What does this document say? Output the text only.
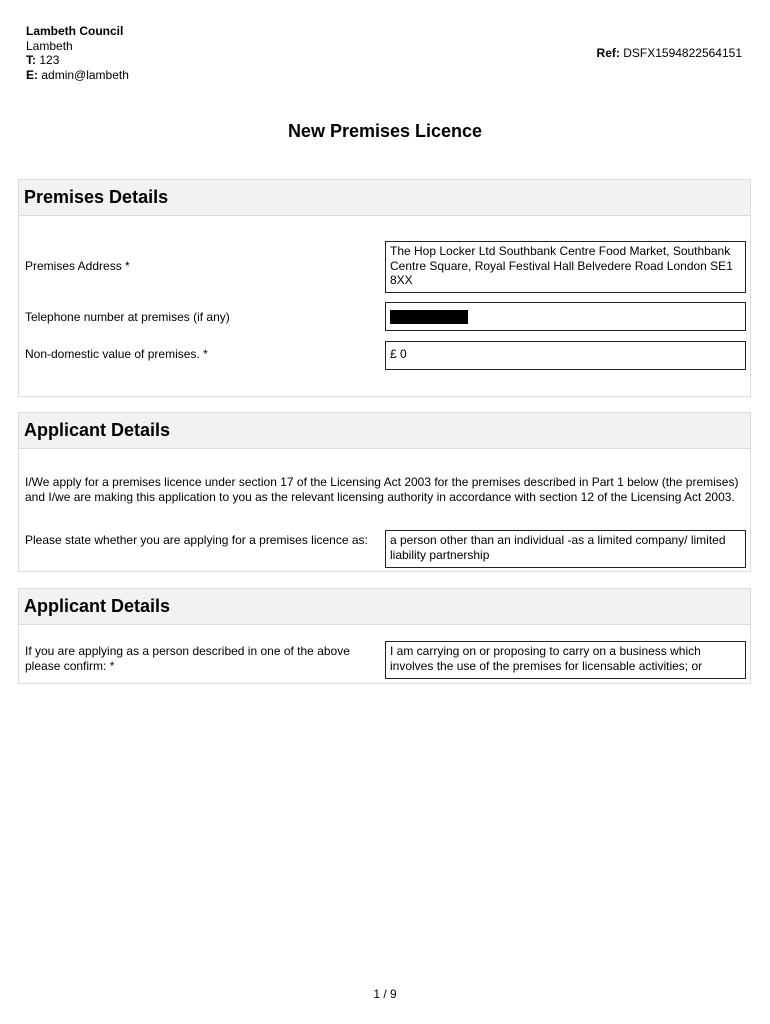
Lambeth Council
Lambeth
T: 123
E: admin@lambeth
Ref: DSFX1594822564151
New Premises Licence
Premises Details
Premises Address *
The Hop Locker Ltd Southbank Centre Food Market, Southbank Centre Square, Royal Festival Hall Belvedere Road London SE1 8XX
Telephone number at premises (if any)
Non-domestic value of premises. *	£ 0
Applicant Details
I/We apply for a premises licence under section 17 of the Licensing Act 2003 for the premises described in Part 1 below (the premises) and I/we are making this application to you as the relevant licensing authority in accordance with section 12 of the Licensing Act 2003.
Please state whether you are applying for a premises licence as:	a person other than an individual -as a limited company/ limited liability partnership
Applicant Details
If you are applying as a person described in one of the above please confirm: *
I am carrying on or proposing to carry on a business which involves the use of the premises for licensable activities; or
1 / 9
